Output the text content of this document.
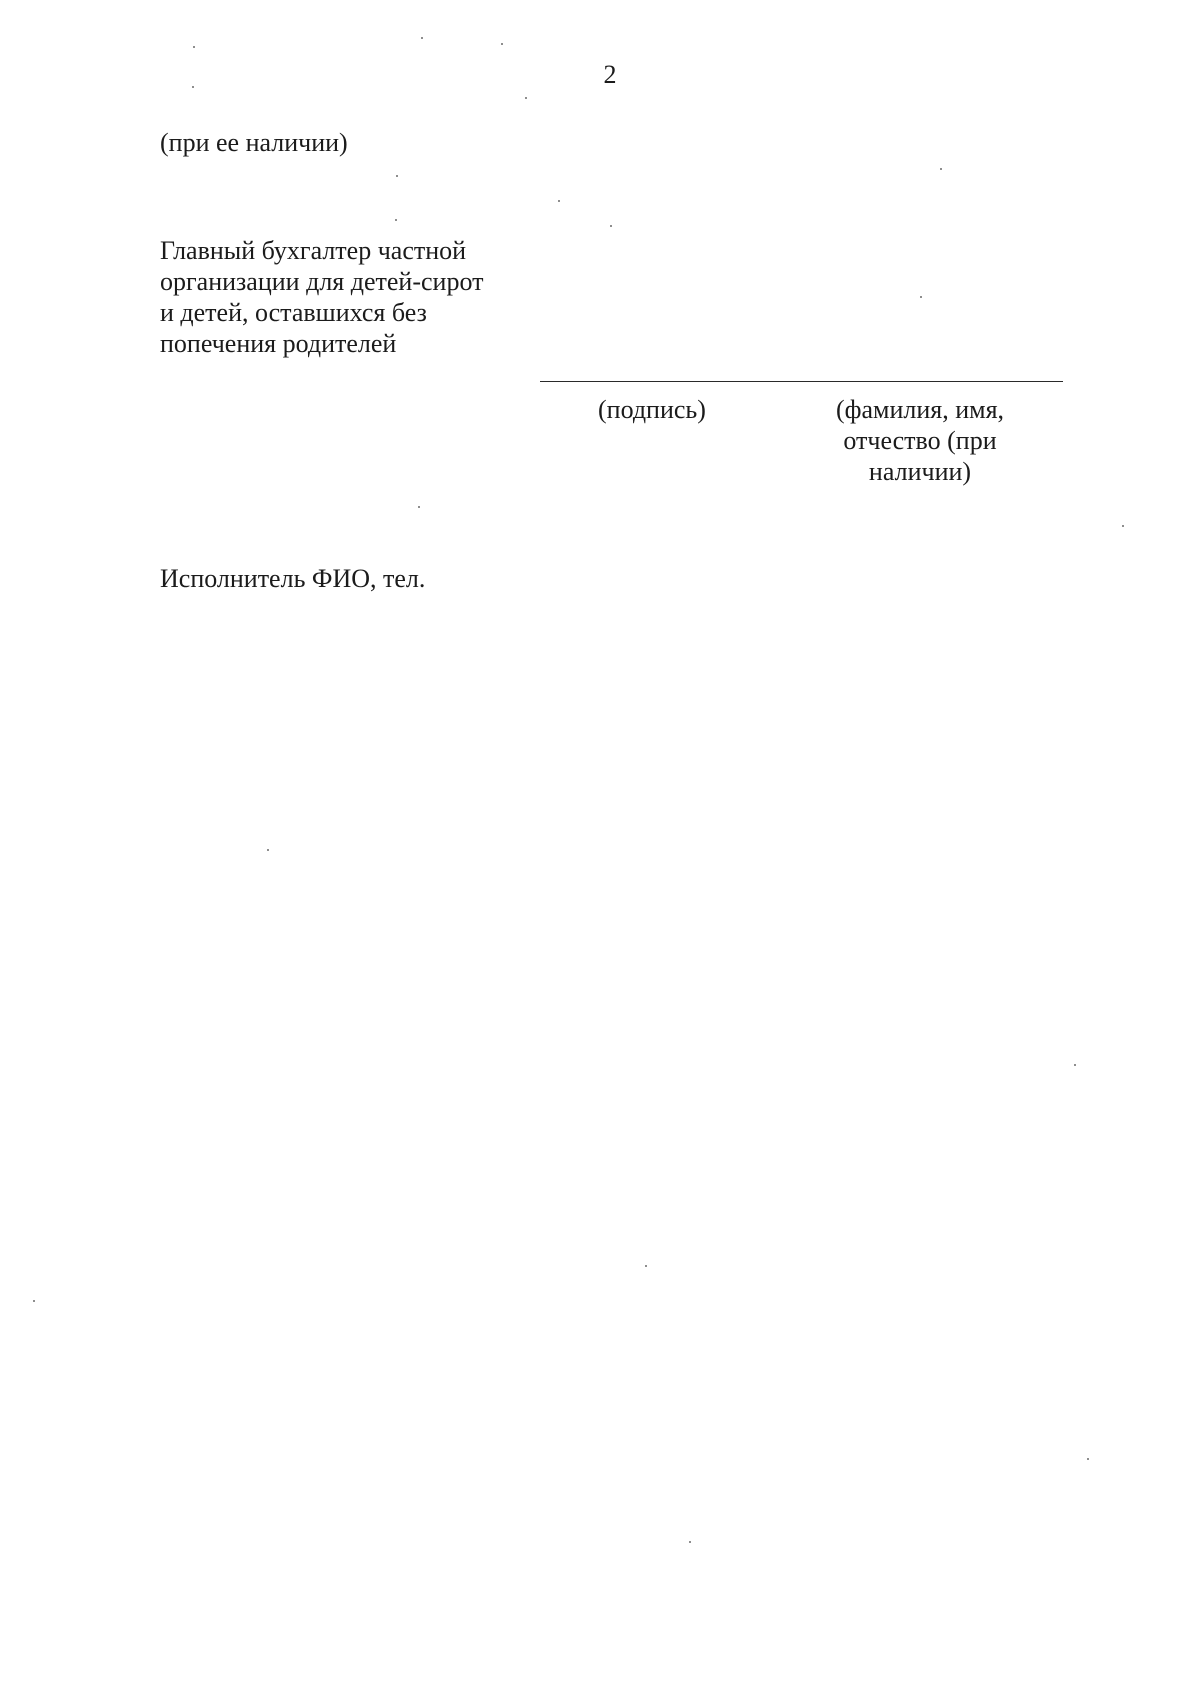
2
(при ее наличии)
Главный бухгалтер частной
организации для детей-сирот
и детей, оставшихся без
попечения родителей
(подпись)	(фамилия, имя,
отчество (при
наличии)
Исполнитель ФИО, тел.
